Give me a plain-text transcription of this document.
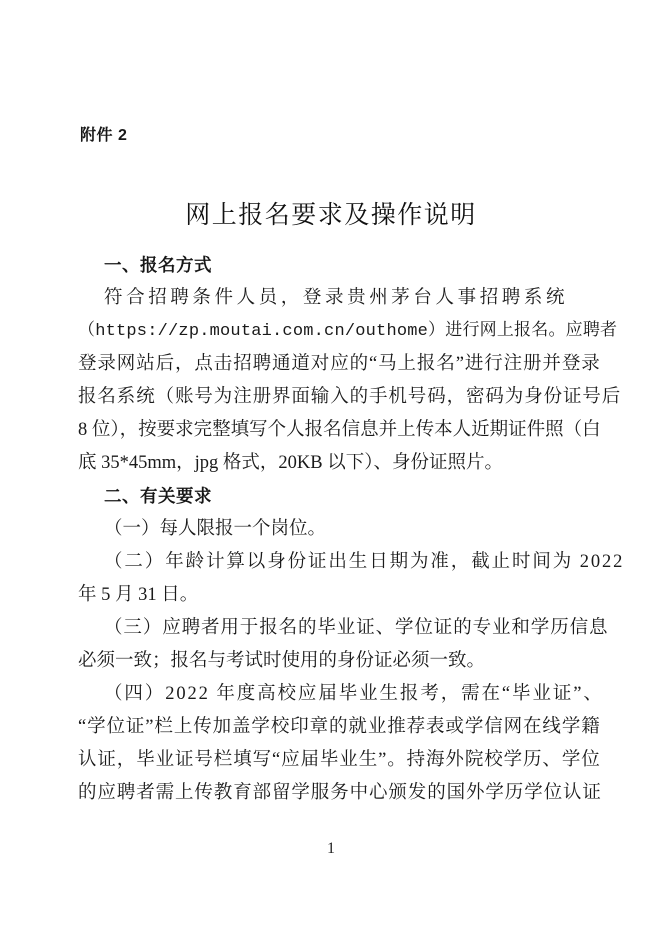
附件 2
网上报名要求及操作说明
一、报名方式
符合招聘条件人员，登录贵州茅台人事招聘系统
（https://zp.moutai.com.cn/outhome）进行网上报名。应聘者
登录网站后，点击招聘通道对应的“马上报名”进行注册并登录
报名系统（账号为注册界面输入的手机号码，密码为身份证号后
8 位），按要求完整填写个人报名信息并上传本人近期证件照（白
底 35*45mm，jpg 格式，20KB 以下）、身份证照片。
二、有关要求
（一）每人限报一个岗位。
（二）年龄计算以身份证出生日期为准，截止时间为 2022
年 5 月 31 日。
（三）应聘者用于报名的毕业证、学位证的专业和学历信息
必须一致；报名与考试时使用的身份证必须一致。
（四）2022 年度高校应届毕业生报考，需在“毕业证”、
“学位证”栏上传加盖学校印章的就业推荐表或学信网在线学籍
认证，毕业证号栏填写“应届毕业生”。持海外院校学历、学位
的应聘者需上传教育部留学服务中心颁发的国外学历学位认证
1
